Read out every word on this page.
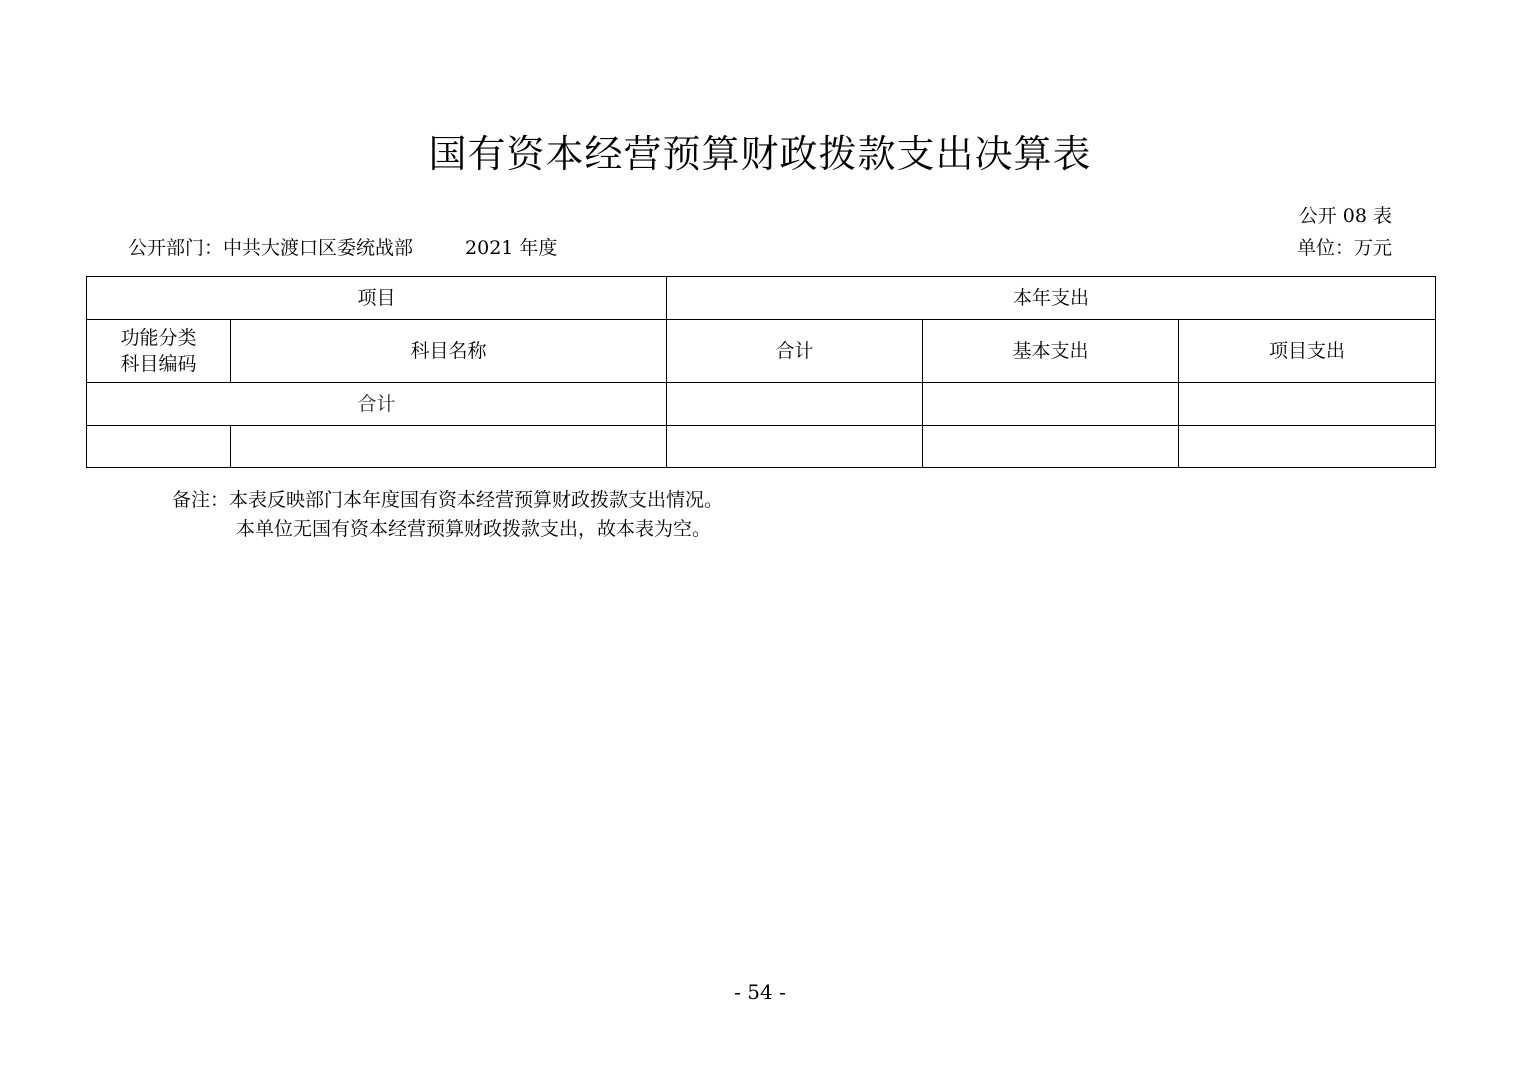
国有资本经营预算财政拨款支出决算表
公开 08 表
公开部门：中共大渡口区委统战部	2021 年度	单位：万元
项目		本年支出		

功能分类
科目编码	科目名称	合计	基本支出	项目支出
合计				

备注：本表反映部门本年度国有资本经营预算财政拨款支出情况。
本单位无国有资本经营预算财政拨款支出，故本表为空。
- 54 -
